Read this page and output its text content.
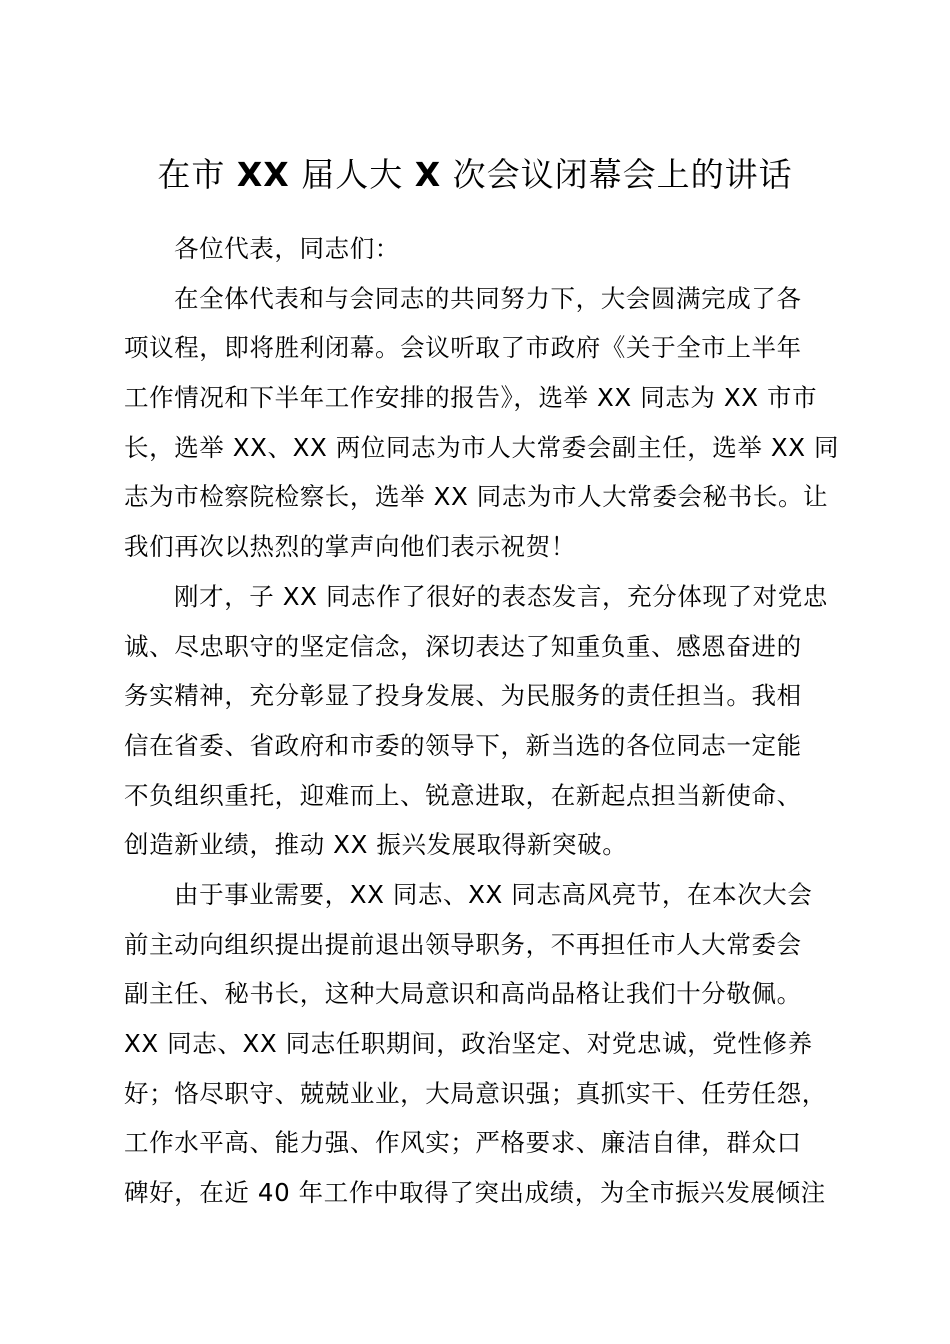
在市 XX 届人大 X 次会议闭幕会上的讲话
各位代表，同志们：
在全体代表和与会同志的共同努力下，大会圆满完成了各
项议程，即将胜利闭幕。会议听取了市政府《关于全市上半年
工作情况和下半年工作安排的报告》，选举 XX 同志为 XX 市市
长，选举 XX、XX 两位同志为市人大常委会副主任，选举 XX 同
志为市检察院检察长，选举 XX 同志为市人大常委会秘书长。让
我们再次以热烈的掌声向他们表示祝贺！
刚才，子 XX 同志作了很好的表态发言，充分体现了对党忠
诚、尽忠职守的坚定信念，深切表达了知重负重、感恩奋进的
务实精神，充分彰显了投身发展、为民服务的责任担当。我相
信在省委、省政府和市委的领导下，新当选的各位同志一定能
不负组织重托，迎难而上、锐意进取，在新起点担当新使命、
创造新业绩，推动 XX 振兴发展取得新突破。
由于事业需要，XX 同志、XX 同志高风亮节，在本次大会
前主动向组织提出提前退出领导职务，不再担任市人大常委会
副主任、秘书长，这种大局意识和高尚品格让我们十分敬佩。
XX 同志、XX 同志任职期间，政治坚定、对党忠诚，党性修养
好；恪尽职守、兢兢业业，大局意识强；真抓实干、任劳任怨，
工作水平高、能力强、作风实；严格要求、廉洁自律，群众口
碑好，在近 40 年工作中取得了突出成绩，为全市振兴发展倾注
